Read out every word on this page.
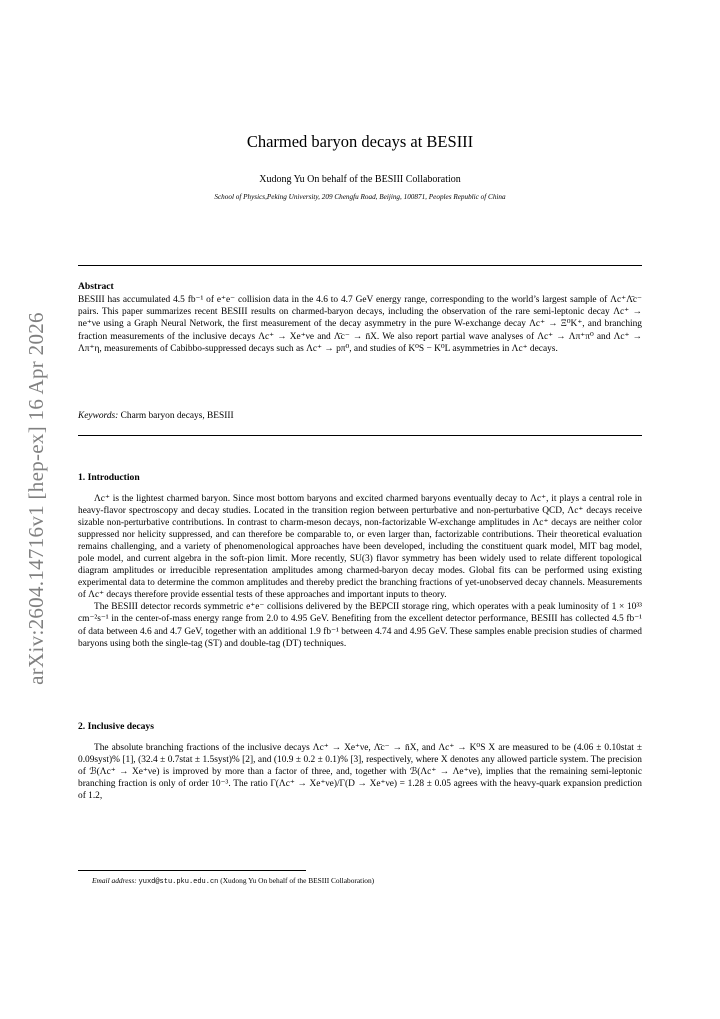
arXiv:2604.14716v1 [hep-ex] 16 Apr 2026
Charmed baryon decays at BESIII
Xudong Yu On behalf of the BESIII Collaboration
School of Physics,Peking University, 209 Chengfu Road, Beijing, 100871, Peoples Republic of China
Abstract
BESIII has accumulated 4.5 fb⁻¹ of e⁺e⁻ collision data in the 4.6 to 4.7 GeV energy range, corresponding to the world’s largest sample of Λc⁺Λ̄c⁻ pairs. This paper summarizes recent BESIII results on charmed-baryon decays, including the observation of the rare semi-leptonic decay Λc⁺ → ne⁺νe using a Graph Neural Network, the first measurement of the decay asymmetry in the pure W-exchange decay Λc⁺ → Ξ⁰K⁺, and branching fraction measurements of the inclusive decays Λc⁺ → Xe⁺νe and Λ̄c⁻ → n̄X. We also report partial wave analyses of Λc⁺ → Λπ⁺π⁰ and Λc⁺ → Λπ⁺η, measurements of Cabibbo-suppressed decays such as Λc⁺ → pπ⁰, and studies of K⁰S − K⁰L asymmetries in Λc⁺ decays.
Keywords: Charm baryon decays, BESIII
1. Introduction

Λc⁺ is the lightest charmed baryon. Since most bottom baryons and excited charmed baryons eventually decay to Λc⁺, it plays a central role in heavy-flavor spectroscopy and decay studies. Located in the transition region between perturbative and non-perturbative QCD, Λc⁺ decays receive sizable non-perturbative contributions. In contrast to charm-meson decays, non-factorizable W-exchange amplitudes in Λc⁺ decays are neither color suppressed nor helicity suppressed, and can therefore be comparable to, or even larger than, factorizable contributions. Their theoretical evaluation remains challenging, and a variety of phenomenological approaches have been developed, including the constituent quark model, MIT bag model, pole model, and current algebra in the soft-pion limit. More recently, SU(3) flavor symmetry has been widely used to relate different topological diagram amplitudes or irreducible representation amplitudes among charmed-baryon decay modes. Global fits can be performed using existing experimental data to determine the common amplitudes and thereby predict the branching fractions of yet-unobserved decay channels. Measurements of Λc⁺ decays therefore provide essential tests of these approaches and important inputs to theory.

The BESIII detector records symmetric e⁺e⁻ collisions delivered by the BEPCII storage ring, which operates with a peak luminosity of 1 × 10³³ cm⁻²s⁻¹ in the center-of-mass energy range from 2.0 to 4.95 GeV. Benefiting from the excellent detector performance, BESIII has collected 4.5 fb⁻¹ of data between 4.6 and 4.7 GeV, together with an additional 1.9 fb⁻¹ between 4.74 and 4.95 GeV. These samples enable precision studies of charmed baryons using both the single-tag (ST) and double-tag (DT) techniques.

2. Inclusive decays

The absolute branching fractions of the inclusive decays Λc⁺ → Xe⁺νe, Λ̄c⁻ → n̄X, and Λc⁺ → K⁰S X are measured to be (4.06 ± 0.10stat ± 0.09syst)% [1], (32.4 ± 0.7stat ± 1.5syst)% [2], and (10.9 ± 0.2 ± 0.1)% [3], respectively, where X denotes any allowed particle system. The precision of ℬ(Λc⁺ → Xe⁺νe) is improved by more than a factor of three, and, together with ℬ(Λc⁺ → Λe⁺νe), implies that the remaining semi-leptonic branching fraction is only of order 10⁻³. The ratio Γ(Λc⁺ → Xe⁺νe)/Γ(D → Xe⁺νe) = 1.28 ± 0.05 agrees with the heavy-quark expansion prediction of 1.2,

Email address: yuxd@stu.pku.edu.cn (Xudong Yu On behalf of the BESIII Collaboration)
